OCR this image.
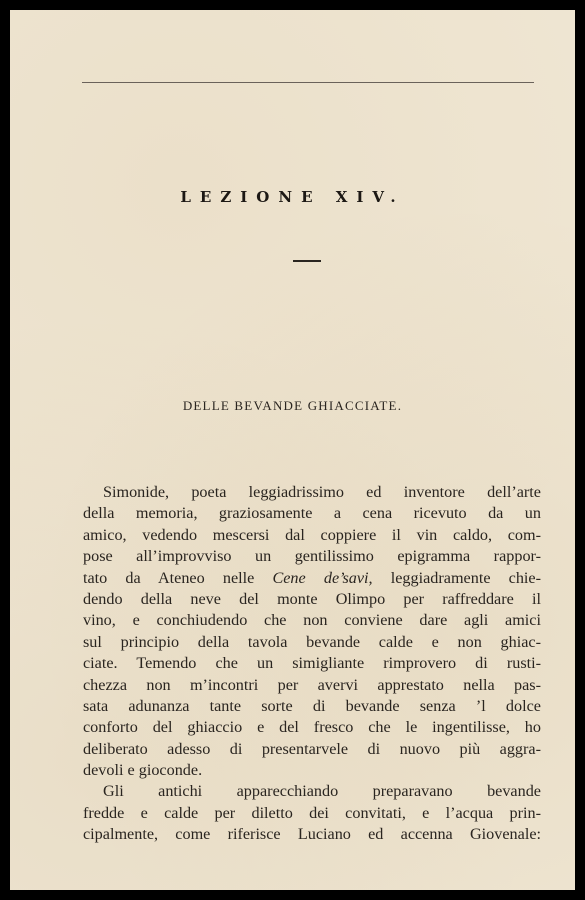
LEZIONE XIV.
DELLE BEVANDE GHIACCIATE.
Simonide, poeta leggiadrissimo ed inventore dell’arte
della memoria, graziosamente a cena ricevuto da un
amico, vedendo mescersi dal coppiere il vin caldo, com-
pose all’improvviso un gentilissimo epigramma rappor-
tato da Ateneo nelle Cene de’savi, leggiadramente chie-
dendo della neve del monte Olimpo per raffreddare il
vino, e conchiudendo che non conviene dare agli amici
sul principio della tavola bevande calde e non ghiac-
ciate. Temendo che un simigliante rimprovero di rusti-
chezza non m’incontri per avervi apprestato nella pas-
sata adunanza tante sorte di bevande senza ’l dolce
conforto del ghiaccio e del fresco che le ingentilisse, ho
deliberato adesso di presentarvele di nuovo più aggra-
devoli e gioconde.
Gli antichi apparecchiando preparavano bevande
fredde e calde per diletto dei convitati, e l’acqua prin-
cipalmente, come riferisce Luciano ed accenna Giovenale:
